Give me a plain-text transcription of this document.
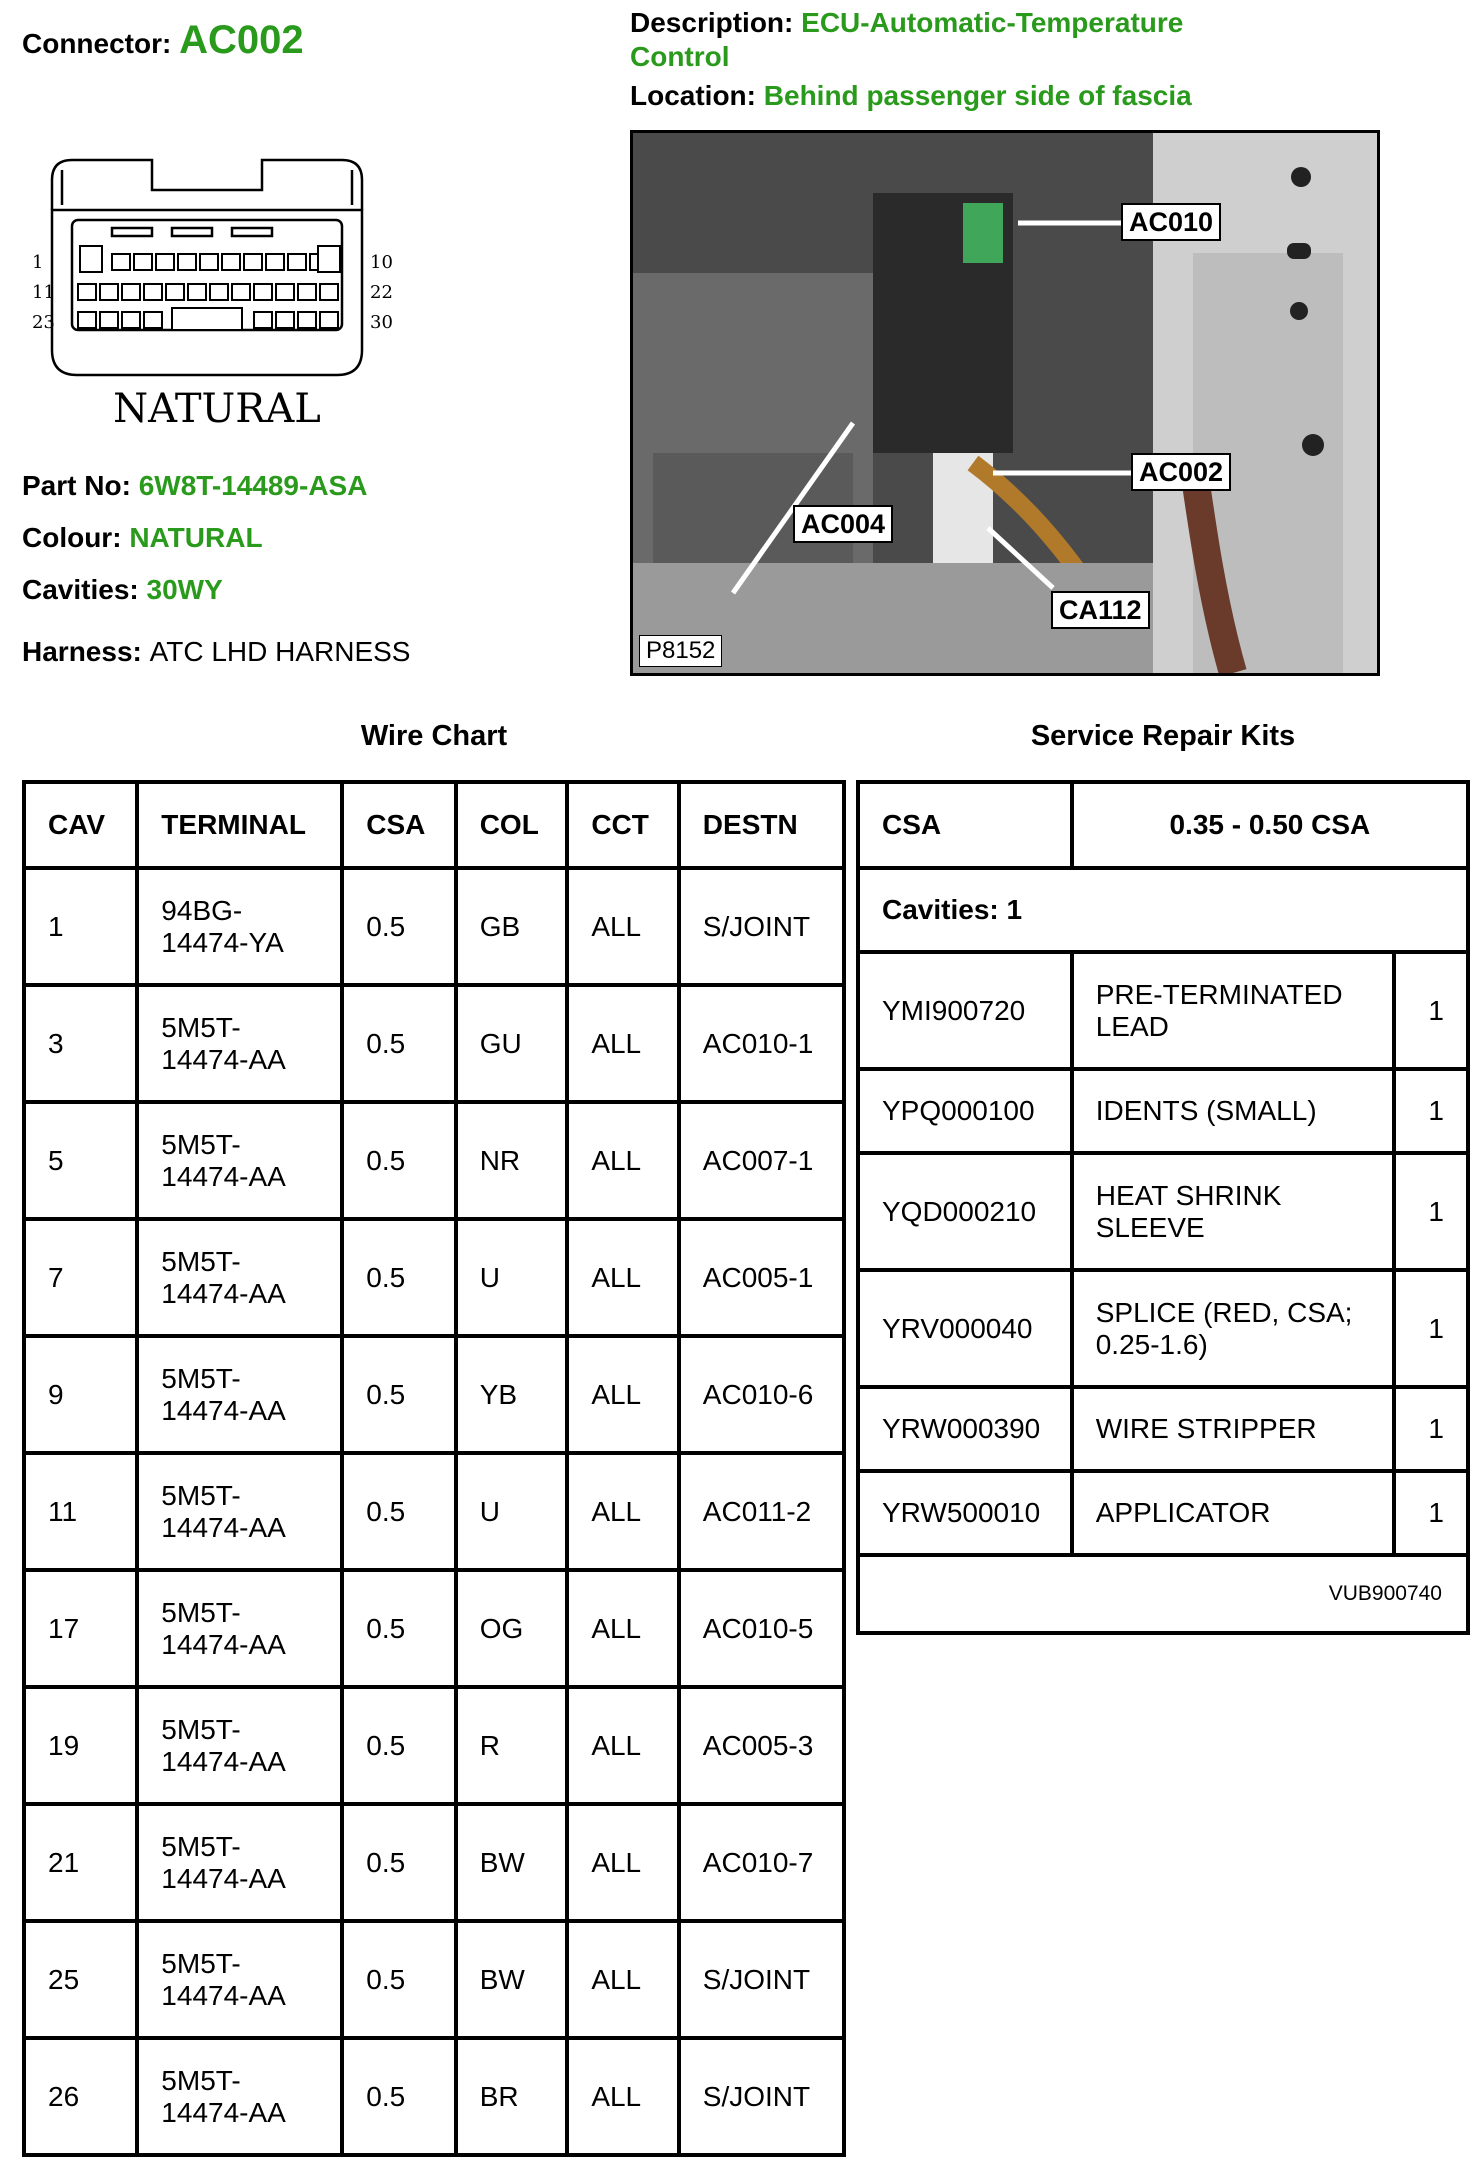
Connector: AC002	Description: ECU-Automatic-Temperature Control
Location: Behind passenger side of fascia
1
11
23
10
22
30
NATURAL
Part No: 6W8T-14489-ASA
Colour: NATURAL
Cavities: 30WY
Harness: ATC LHD HARNESS
AC010
AC002
AC004
CA112
P8152
Wire Chart	Service Repair Kits
CAV	TERMINAL	CSA	COL	CCT	DESTN
1	94BG-14474-YA	0.5	GB	ALL	S/JOINT
3	5M5T-14474-AA	0.5	GU	ALL	AC010-1
5	5M5T-14474-AA	0.5	NR	ALL	AC007-1
7	5M5T-14474-AA	0.5	U	ALL	AC005-1
9	5M5T-14474-AA	0.5	YB	ALL	AC010-6
11	5M5T-14474-AA	0.5	U	ALL	AC011-2
17	5M5T-14474-AA	0.5	OG	ALL	AC010-5
19	5M5T-14474-AA	0.5	R	ALL	AC005-3
21	5M5T-14474-AA	0.5	BW	ALL	AC010-7
25	5M5T-14474-AA	0.5	BW	ALL	S/JOINT
26	5M5T-14474-AA	0.5	BR	ALL	S/JOINT
CSA	0.35 - 0.50 CSA	
Cavities: 1		
YMI900720	PRE-TERMINATED LEAD	1
YPQ000100	IDENTS (SMALL)	1
YQD000210	HEAT SHRINK SLEEVE	1
YRV000040	SPLICE (RED, CSA; 0.25-1.6)	1
YRW000390	WIRE STRIPPER	1
YRW500010	APPLICATOR	1
VUB900740		
